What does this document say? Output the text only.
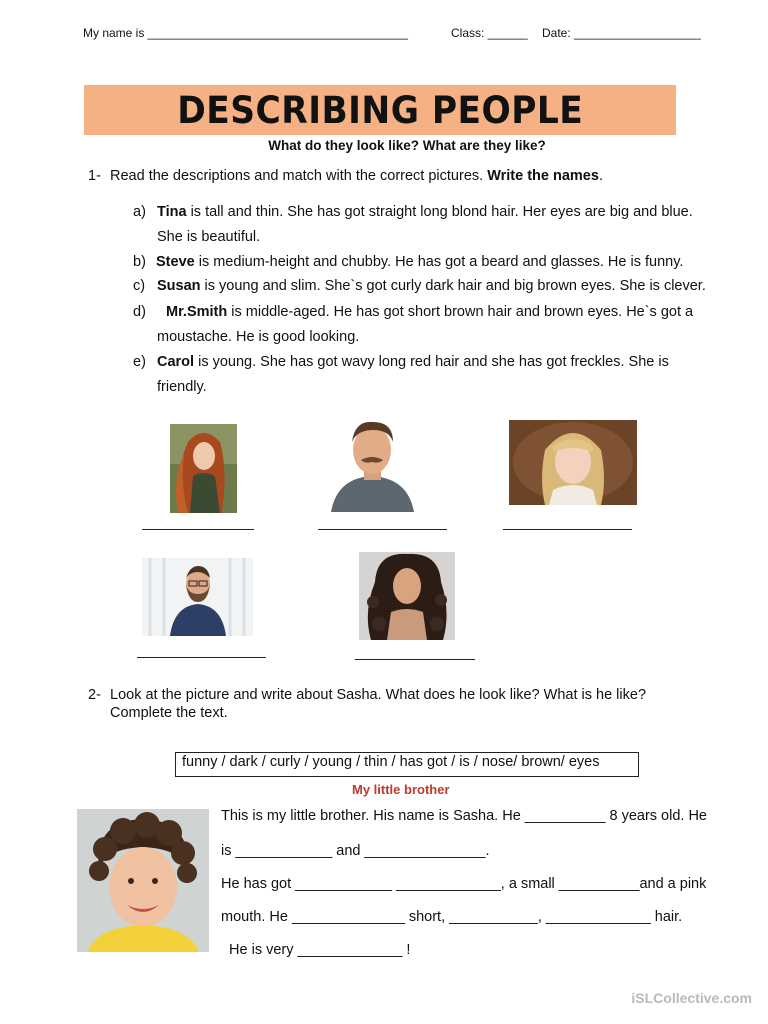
My name is _______________________________________	Class: ______ Date: ___________________
DESCRIBING PEOPLE
What do they look like? What are they like?
1- Read the descriptions and match with the correct pictures. Write the names.
a) Tina is tall and thin. She has got straight long blond hair. Her eyes are big and blue.
She is beautiful.
b) Steve is medium-height and chubby. He has got a beard and glasses. He is funny.
c) Susan is young and slim. She`s got curly dark hair and big brown eyes. She is clever.
d) Mr.Smith is middle-aged. He has got short brown hair and brown eyes. He`s got a
moustache. He is good looking.
e) Carol is young. She has got wavy long red hair and she has got freckles. She is
friendly.
2- Look at the picture and write about Sasha. What does he look like? What is he like?
Complete the text.
funny / dark / curly / young / thin / has got / is / nose/ brown/ eyes
My little brother
This is my little brother. His name is Sasha. He __________ 8 years old. He
is ____________ and _______________.
He has got ____________ _____________, a small __________and a pink
mouth. He ______________ short, ___________, _____________ hair.
He is very _____________ !
iSLCollective.com
